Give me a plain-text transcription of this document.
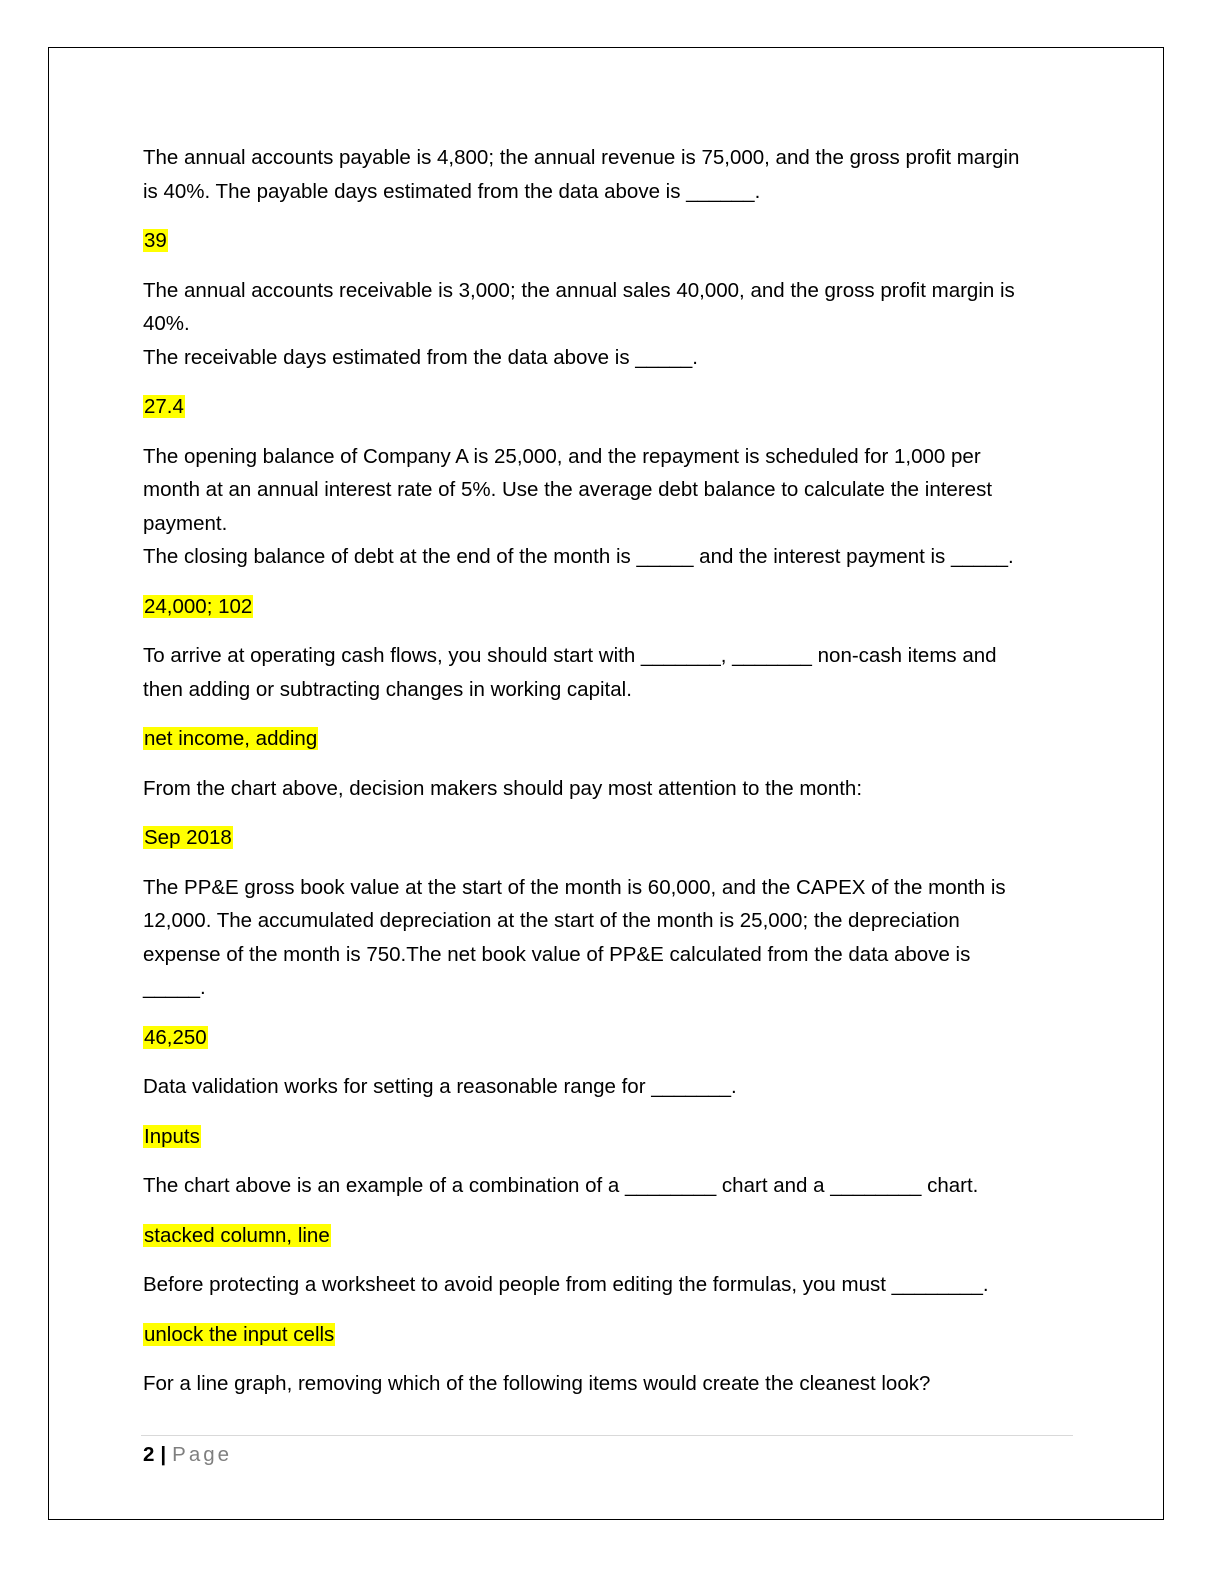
The annual accounts payable is 4,800; the annual revenue is 75,000, and the gross profit margin
is 40%. The payable days estimated from the data above is ______.

39

The annual accounts receivable is 3,000; the annual sales 40,000, and the gross profit margin is
40%.
The receivable days estimated from the data above is _____.

27.4

The opening balance of Company A is 25,000, and the repayment is scheduled for 1,000 per
month at an annual interest rate of 5%. Use the average debt balance to calculate the interest
payment.
The closing balance of debt at the end of the month is _____ and the interest payment is _____.

24,000; 102

To arrive at operating cash flows, you should start with _______, _______ non-cash items and
then adding or subtracting changes in working capital.

net income, adding

From the chart above, decision makers should pay most attention to the month:

Sep 2018

The PP&E gross book value at the start of the month is 60,000, and the CAPEX of the month is
12,000. The accumulated depreciation at the start of the month is 25,000; the depreciation
expense of the month is 750.The net book value of PP&E calculated from the data above is
_____.

46,250

Data validation works for setting a reasonable range for _______.

Inputs

The chart above is an example of a combination of a ________ chart and a ________ chart.

stacked column, line

Before protecting a worksheet to avoid people from editing the formulas, you must ________.

unlock the input cells

For a line graph, removing which of the following items would create the cleanest look?

2 | Page
